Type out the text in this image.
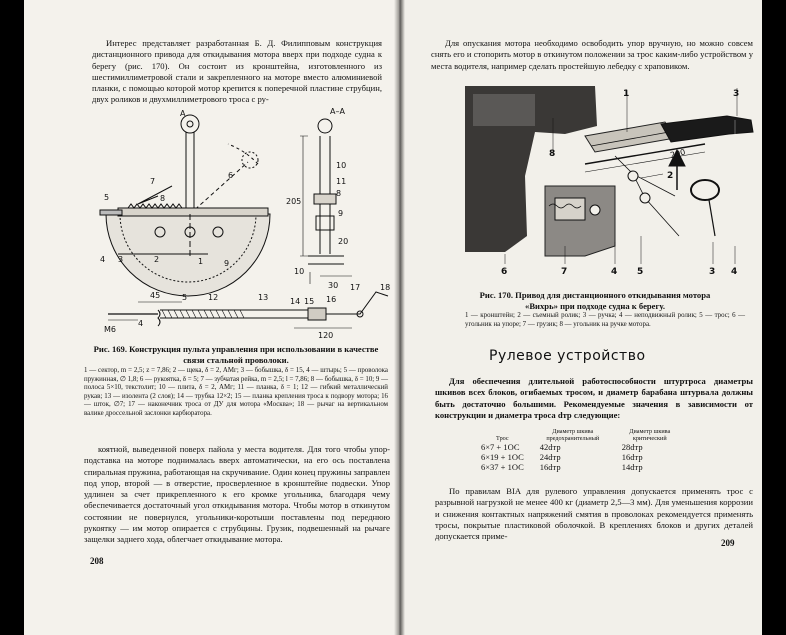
Интерес представляет разработанная Б. Д. Филипповым конструкция дистанционного привода для откидывания мотора вверх при подходе судна к берегу (рис. 170). Он состоит из кронштейна, изготовленного из шестимиллиметровой стали и закрепленного на моторе вместо алюминиевой планки, с помощью которой мотор крепится к поперечной пластине струбцин, двух роликов и двухмиллиметрового троса с ру-

А	А–А
6
7
8
5
4 3	2	1	9
11
8
9
10
205
30
10
20
45
М6
120
5	12	13	14 15 16
17 18
4

Рис. 169. Конструкция пульта управления при использовании в качестве связи стальной проволоки.

1 — сектор, m = 2,5; z = 7,86; 2 — щека, δ = 2, АМг; 3 — бобышка, δ = 15, 4 — штырь; 5 — проволока пружинная, ∅ 1,8; 6 — рукоятка, δ = 5; 7 — зубчатая рейка, m = 2,5; l = 7,86; 8 — бобышка, δ = 10; 9 — полоса 5×10, текстолит; 10 — плита, δ = 2, АМг; 11 — планка, δ = 1; 12 — гибкий металлический рукав; 13 — изолента (2 слоя); 14 — трубка 12×2; 15 — планка крепления троса к подвору мотора; 16 — шток, ∅7; 17 — наконечник троса от ДУ для мотора «Москва»; 18 — рычаг на вертикальном валике дроссельной заслонки карбюратора.

коятной, выведенной поверх пайола у места водителя. Для того чтобы упор-подставка на моторе поднималась вверх автоматически, на его ось поставлена спиральная пружина, работающая на скручивание. Один конец пружины заправлен под упор, второй — в отверстие, просверленное в кронштейне подвески. Упор удлинен за счет прикрепленного к его кромке угольника, благодаря чему обеспечивается достаточный угол откидывания мотора. Чтобы мотор в откинутом состоянии не повернулся, угольники-коротыши поставлены под переднюю рукоятку — им мотор опирается с струбцины. Грузик, подвешенный на рычаге защелки заднего хода, облегчает откидывание мотора.

208

Для опускания мотора необходимо освободить упор вручную, но можно совсем снять его и стопорить мотор в откинутом положении за трос каким-либо устройством у места водителя, например сделать простейшую лебедку с храповиком.

1
8
2
3
200
6	7	4 5	3 4

Рис. 170. Привод для дистанционного откидывания мотора «Вихрь» при подходе судна к берегу.

1 — кронштейн; 2 — съемный ролик; 3 — ручка; 4 — неподвижный ролик; 5 — трос; 6 — угольник на упоре; 7 — грузик; 8 — угольник на ручке мотора.

Рулевое устройство

Для обеспечения длительной работоспособности штуртроса диаметры шкивов всех блоков, огибаемых тросом, и диаметр барабана штурвала должны быть достаточно большими. Рекомендуемые значения в зависимости от конструкции и диаметра троса dтр следующие:

Трос	Диаметр шкива предохранительный	Диаметр шкива критический
6×7 + 1ОС	42dтр	28dтр
6×19 + 1ОС	24dтр	16dтр
6×37 + 1ОС	16dтр	14dтр

По правилам BIA для рулевого управления допускается применять трос с разрывной нагрузкой не менее 400 кг (диаметр 2,5—3 мм). Для уменьшения коррозии и снижения контактных напряжений смятия в проволоках рекомендуется применять тросы, покрытые пластиковой оболочкой. В креплениях блоков и других деталей допускается приме-

209
